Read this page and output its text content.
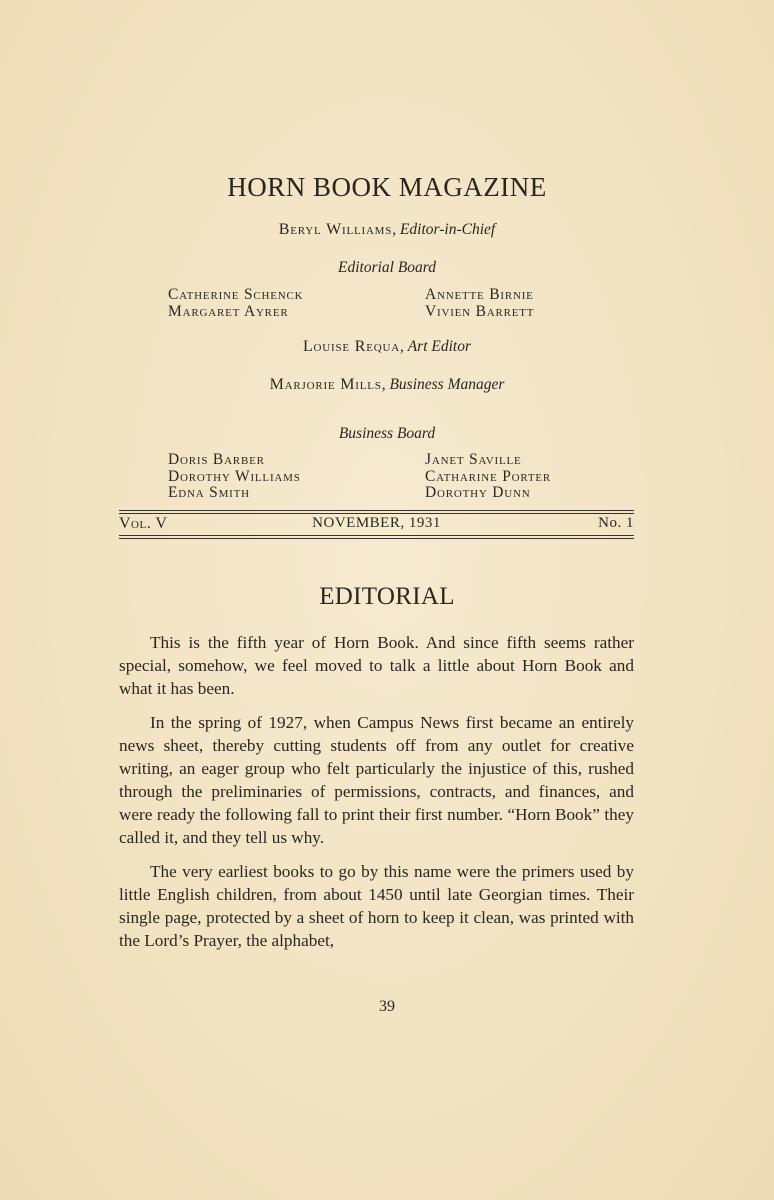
HORN BOOK MAGAZINE
Beryl Williams, Editor-in-Chief
Editorial Board
Catherine Schenck
Margaret Ayrer
Annette Birnie
Vivien Barrett
Louise Requa, Art Editor
Marjorie Mills, Business Manager
Business Board
Doris Barber
Dorothy Williams
Edna Smith
Janet Saville
Catharine Porter
Dorothy Dunn
Vol. V	NOVEMBER, 1931	No. 1
EDITORIAL

This is the fifth year of Horn Book. And since fifth seems rather special, somehow, we feel moved to talk a little about Horn Book and what it has been.

In the spring of 1927, when Campus News first became an entirely news sheet, thereby cutting students off from any outlet for creative writing, an eager group who felt particularly the injustice of this, rushed through the preliminaries of permissions, contracts, and finances, and were ready the following fall to print their first number. “Horn Book” they called it, and they tell us why.

The very earliest books to go by this name were the primers used by little English children, from about 1450 until late Georgian times. Their single page, protected by a sheet of horn to keep it clean, was printed with the Lord’s Prayer, the alphabet,

39
